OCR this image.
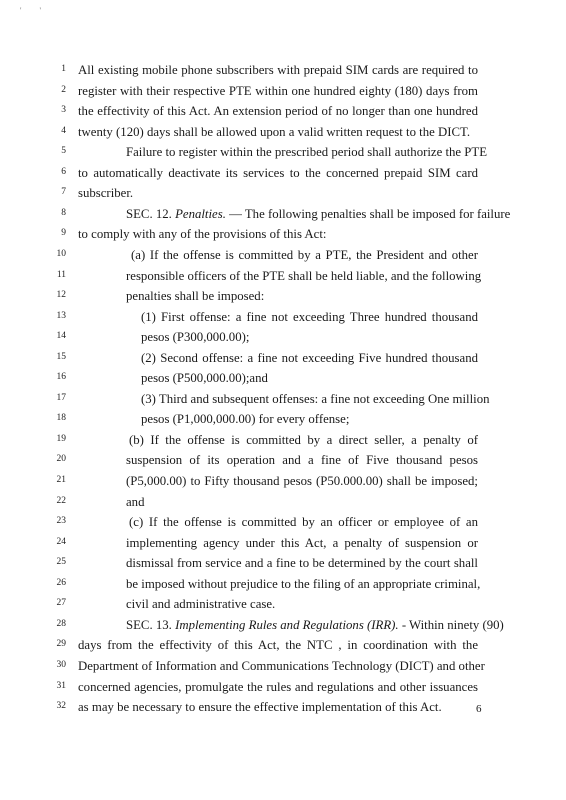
' '
1 All existing mobile phone subscribers with prepaid SIM cards are required to
2 register with their respective PTE within one hundred eighty (180) days from
3 the effectivity of this Act. An extension period of no longer than one hundred
4 twenty (120) days shall be allowed upon a valid written request to the DICT.
5	Failure to register within the prescribed period shall authorize the PTE
6 to automatically deactivate its services to the concerned prepaid SIM card
7 subscriber.
8	SEC. 12. Penalties. — The following penalties shall be imposed for failure
9 to comply with any of the provisions of this Act:
10	(a) If the offense is committed by a PTE, the President and other
11	responsible officers of the PTE shall be held liable, and the following
12	penalties shall be imposed:
13	(1) First offense: a fine not exceeding Three hundred thousand
14	pesos (P300,000.00);
15	(2) Second offense: a fine not exceeding Five hundred thousand
16	pesos (P500,000.00);and
17	(3) Third and subsequent offenses: a fine not exceeding One million
18	pesos (P1,000,000.00) for every offense;
19	(b) If the offense is committed by a direct seller, a penalty of
20	suspension of its operation and a fine of Five thousand pesos
21	(P5,000.00) to Fifty thousand pesos (P50.000.00) shall be imposed;
22	and
23	(c) If the offense is committed by an officer or employee of an
24	implementing agency under this Act, a penalty of suspension or
25	dismissal from service and a fine to be determined by the court shall
26	be imposed without prejudice to the filing of an appropriate criminal,
27	civil and administrative case.
28	SEC. 13. Implementing Rules and Regulations (IRR). - Within ninety (90)
29 days from the effectivity of this Act, the NTC , in coordination with the
30 Department of Information and Communications Technology (DICT) and other
31 concerned agencies, promulgate the rules and regulations and other issuances
32 as may be necessary to ensure the effective implementation of this Act.	6
